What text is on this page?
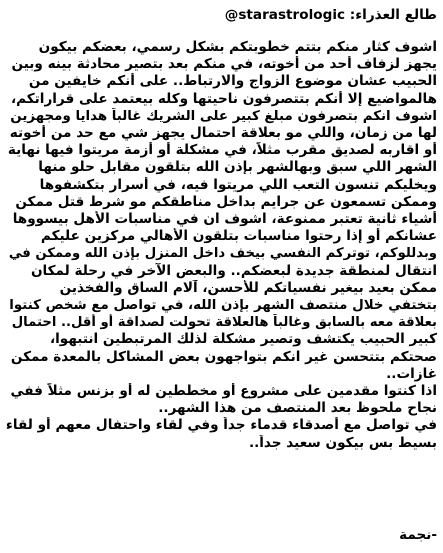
طالع العذراء: @starastrologic
اشوف كثار منكم بتتم خطوبتكم بشكل رسمي، بعضكم بيكون
يجهز لزفاف أحد من أخوته، في منكم بعد بتصير محادثة بينه وبين
الحبيب عشان موضوع الزواج والارتباط.. على أنكم خايفين من
هالمواضيع إلا أنكم بتتصرفون ناحيتها وكله بيعتمد على قراراتكم،
اشوف انكم بتصرفون مبلغ كبير على الشريك غالباً هدايا ومجهزين
لها من زمان، واللي مو بعلاقة احتمال يجهز شي مع حد من أخوته
أو اقاربه لصديق مقرب مثلاً، في مشكلة أو أزمة مريتوا فيها نهاية
الشهر اللي سبق وبهالشهر بإذن الله بتلقون مقابل حلو منها
ويخليكم تنسون التعب اللي مريتوا فيه، في أسرار بتكشفوها
وممكن تسمعون عن جرايم بداخل مناطقكم مو شرط قتل ممكن
أشياء ثانية تعتبر ممنوعة، اشوف ان في مناسبات الأهل بيسووها
عشانكم أو إذا رحتوا مناسبات بتلقون الأهالي مركزين عليكم
وبدللوكم، توتركم النفسي بيخف داخل المنزل بإذن الله وممكن في
انتقال لمنطقة جديدة لبعضكم.. والبعض الآخر في رحلة لمكان
ممكن بعيد بيغير نفسياتكم للأحسن، آلام الساق والفخذين
بتختفي خلال منتصف الشهر بإذن الله، في تواصل مع شخص كنتوا
بعلاقة معه بالسابق وغالباً هالعلاقة تحولت لصداقة أو أقل.. احتمال
كبير الحبيب يكتشف وتصير مشكلة لذلك المرتبطين انتبهوا،
صحتكم بتتحسن غير انكم بتواجهون بعض المشاكل بالمعدة ممكن
غازات..
اذا كنتوا مقدمين على مشروع أو مخططين له أو بزنس مثلاً ففي
نجاح ملحوظ بعد المنتصف من هذا الشهر..
في تواصل مع أصدقاء قدماء جداً وفي لقاء واحتفال معهم أو لقاء
بسيط بس بيكون سعيد جداً..
-نجمة
